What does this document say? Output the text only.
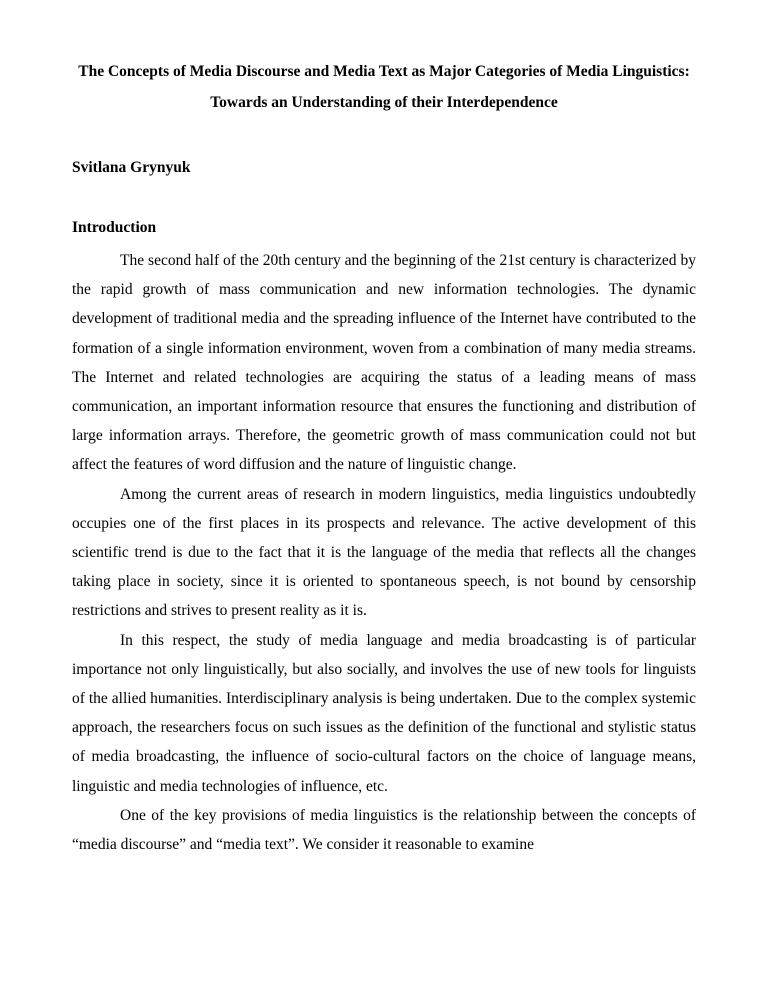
The Concepts of Media Discourse and Media Text as Major Categories of Media Linguistics: Towards an Understanding of their Interdependence
Svitlana Grynyuk
Introduction

The second half of the 20th century and the beginning of the 21st century is characterized by the rapid growth of mass communication and new information technologies. The dynamic development of traditional media and the spreading influence of the Internet have contributed to the formation of a single information environment, woven from a combination of many media streams. The Internet and related technologies are acquiring the status of a leading means of mass communication, an important information resource that ensures the functioning and distribution of large information arrays. Therefore, the geometric growth of mass communication could not but affect the features of word diffusion and the nature of linguistic change.

Among the current areas of research in modern linguistics, media linguistics undoubtedly occupies one of the first places in its prospects and relevance. The active development of this scientific trend is due to the fact that it is the language of the media that reflects all the changes taking place in society, since it is oriented to spontaneous speech, is not bound by censorship restrictions and strives to present reality as it is.

In this respect, the study of media language and media broadcasting is of particular importance not only linguistically, but also socially, and involves the use of new tools for linguists of the allied humanities. Interdisciplinary analysis is being undertaken. Due to the complex systemic approach, the researchers focus on such issues as the definition of the functional and stylistic status of media broadcasting, the influence of socio-cultural factors on the choice of language means, linguistic and media technologies of influence, etc.

One of the key provisions of media linguistics is the relationship between the concepts of “media discourse” and “media text”. We consider it reasonable to examine
